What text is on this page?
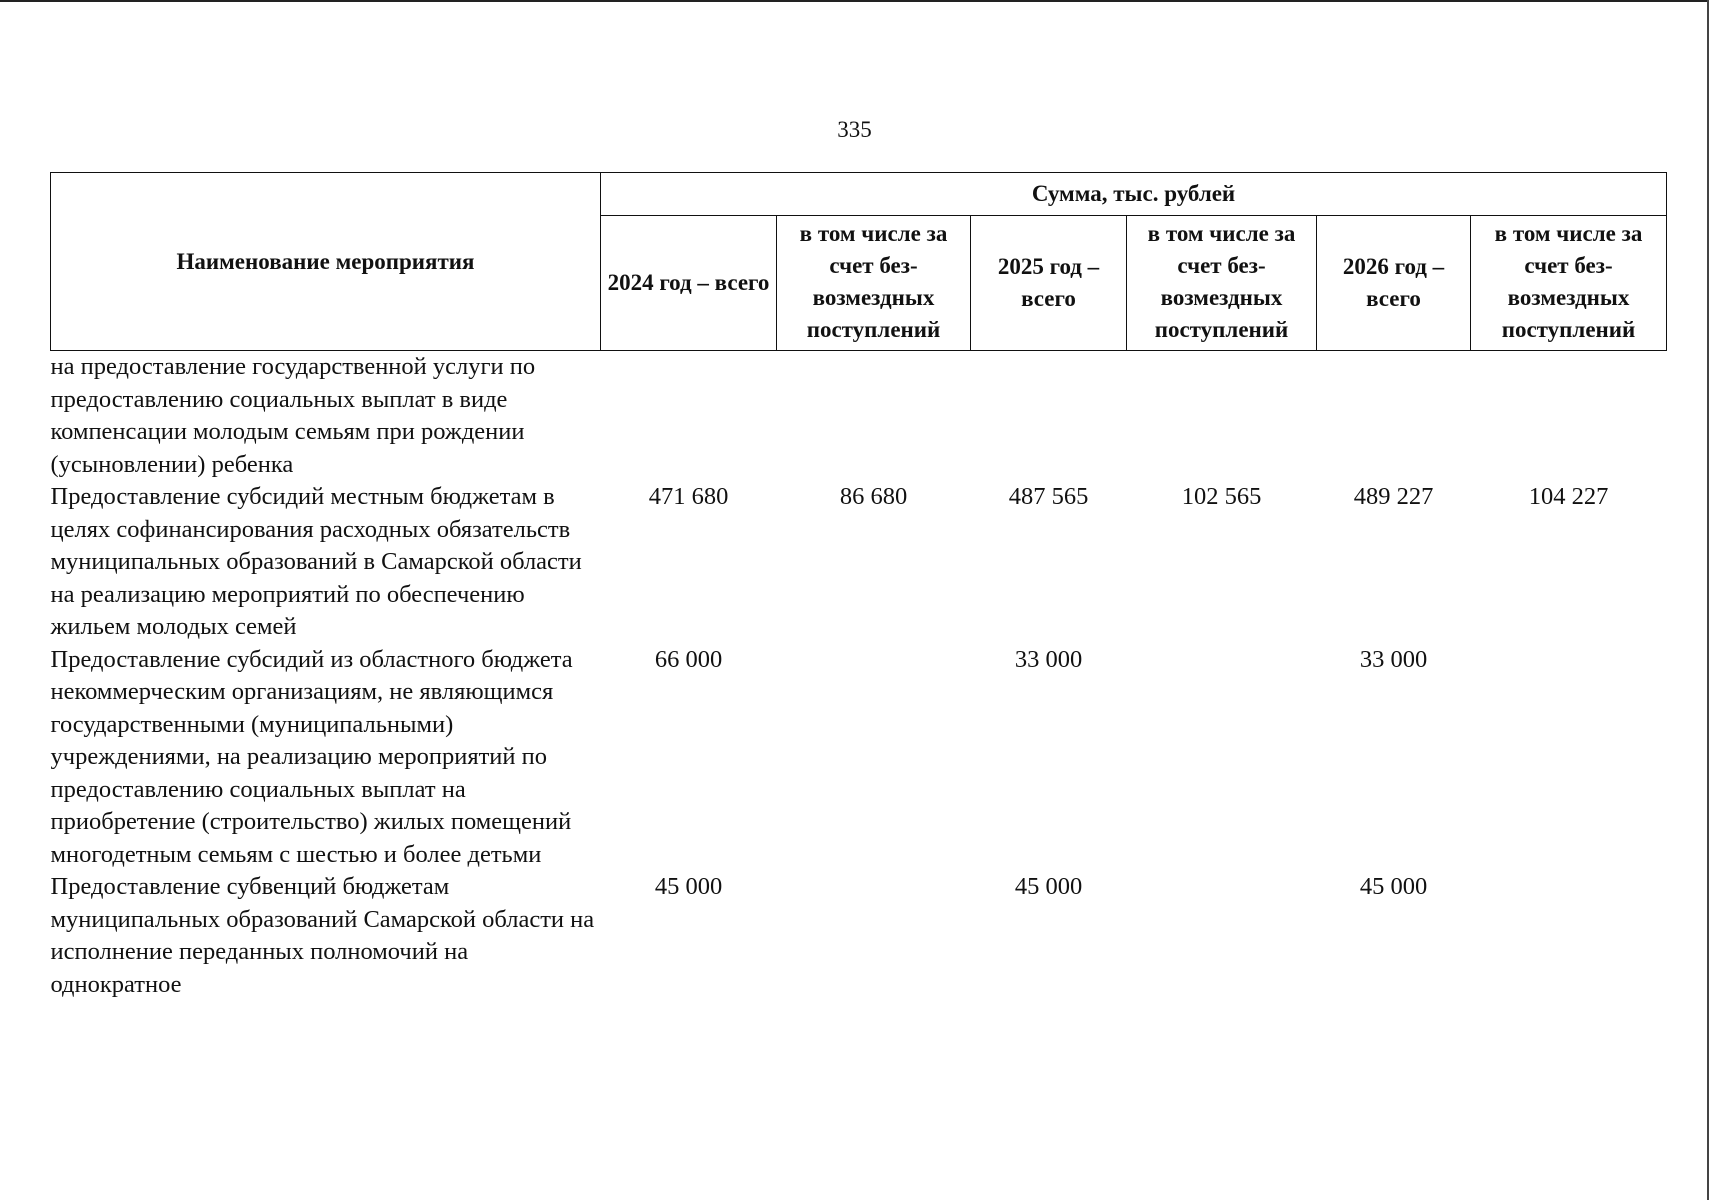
335
Наименование мероприятия	Сумма, тыс. рублей					
	2024 год – всего	в том числе за счет без-возмездных поступлений	2025 год – всего	в том числе за счет без-возмездных поступлений	2026 год – всего	в том числе за счет без-возмездных поступлений
на предоставление государственной услуги по предоставлению социальных выплат в виде компенсации молодым семьям при рождении (усыновлении) ребенка						
Предоставление субсидий местным бюджетам в целях софинансирования расходных обязательств муниципальных образований в Самарской области на реализацию мероприятий по обеспечению жильем молодых семей	471 680	86 680	487 565	102 565	489 227	104 227
Предоставление субсидий из областного бюджета некоммерческим организациям, не являющимся государственными (муниципальными) учреждениями, на реализацию мероприятий по предоставлению социальных выплат на приобретение (строительство) жилых помещений многодетным семьям с шестью и более детьми	66 000		33 000		33 000	
Предоставление субвенций бюджетам муниципальных образований Самарской области на исполнение переданных полномочий на однократное	45 000		45 000		45 000	
